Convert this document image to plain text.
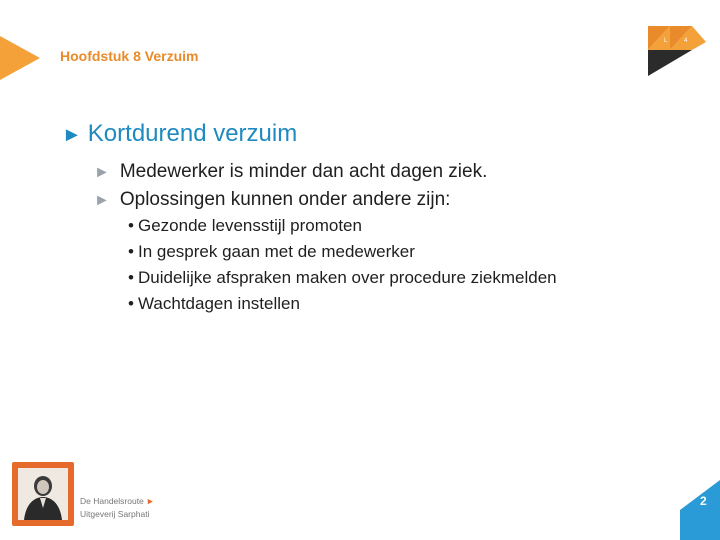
Hoofdstuk 8 Verzuim
L	4
► Kortdurend verzuim
► Medewerker is minder dan acht dagen ziek.
► Oplossingen kunnen onder andere zijn:
• Gezonde levensstijl promoten
• In gesprek gaan met de medewerker
• Duidelijke afspraken maken over procedure ziekmelden
• Wachtdagen instellen
De Handelsroute ►
Uitgeverij Sarphati
2
